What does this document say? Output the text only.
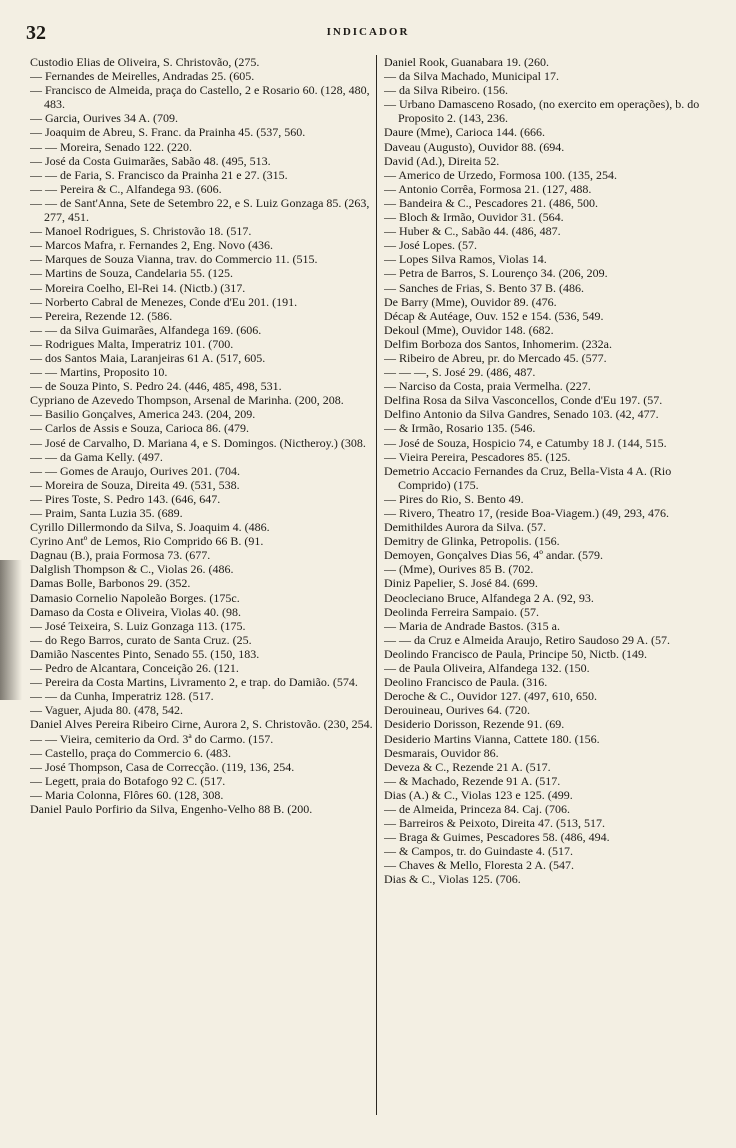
32	INDICADOR
Custodio Elias de Oliveira, S. Christovão, (275.
— Fernandes de Meirelles, Andradas 25. (605.
— Francisco de Almeida, praça do Castello, 2 e Rosario 60. (128, 480, 483.
— Garcia, Ourives 34 A. (709.
— Joaquim de Abreu, S. Franc. da Prainha 45. (537, 560.
— — Moreira, Senado 122. (220.
— José da Costa Guimarães, Sabão 48. (495, 513.
— — de Faria, S. Francisco da Prainha 21 e 27. (315.
— — Pereira & C., Alfandega 93. (606.
— — de Sant'Anna, Sete de Setembro 22, e S. Luiz Gonzaga 85. (263, 277, 451.
— Manoel Rodrigues, S. Christovão 18. (517.
— Marcos Mafra, r. Fernandes 2, Eng. Novo (436.
— Marques de Souza Vianna, trav. do Commercio 11. (515.
— Martins de Souza, Candelaria 55. (125.
— Moreira Coelho, El-Rei 14. (Nictb.) (317.
— Norberto Cabral de Menezes, Conde d'Eu 201. (191.
— Pereira, Rezende 12. (586.
— — da Silva Guimarães, Alfandega 169. (606.
— Rodrigues Malta, Imperatriz 101. (700.
— dos Santos Maia, Laranjeiras 61 A. (517, 605.
— — Martins, Proposito 10.
— de Souza Pinto, S. Pedro 24. (446, 485, 498, 531.
Cypriano de Azevedo Thompson, Arsenal de Marinha. (200, 208.
— Basilio Gonçalves, America 243. (204, 209.
— Carlos de Assis e Souza, Carioca 86. (479.
— José de Carvalho, D. Mariana 4, e S. Domingos. (Nictheroy.) (308.
— — da Gama Kelly. (497.
— — Gomes de Araujo, Ourives 201. (704.
— Moreira de Souza, Direita 49. (531, 538.
— Pires Toste, S. Pedro 143. (646, 647.
— Praim, Santa Luzia 35. (689.
Cyrillo Dillermondo da Silva, S. Joaquim 4. (486.
Cyrino Antº de Lemos, Rio Comprido 66 B. (91.
Dagnau (B.), praia Formosa 73. (677.
Dalglish Thompson & C., Violas 26. (486.
Damas Bolle, Barbonos 29. (352.
Damasio Cornelio Napoleão Borges. (175c.
Damaso da Costa e Oliveira, Violas 40. (98.
— José Teixeira, S. Luiz Gonzaga 113. (175.
— do Rego Barros, curato de Santa Cruz. (25.
Damião Nascentes Pinto, Senado 55. (150, 183.
— Pedro de Alcantara, Conceição 26. (121.
— Pereira da Costa Martins, Livramento 2, e trap. do Damião. (574.
— — da Cunha, Imperatriz 128. (517.
— Vaguer, Ajuda 80. (478, 542.
Daniel Alves Pereira Ribeiro Cirne, Aurora 2, S. Christovão. (230, 254.
— — Vieira, cemiterio da Ord. 3ª do Carmo. (157.
— Castello, praça do Commercio 6. (483.
— José Thompson, Casa de Correcção. (119, 136, 254.
— Legett, praia do Botafogo 92 C. (517.
— Maria Colonna, Flôres 60. (128, 308.
Daniel Paulo Porfirio da Silva, Engenho-Velho 88 B. (200.
Daniel Rook, Guanabara 19. (260.
— da Silva Machado, Municipal 17.
— da Silva Ribeiro. (156.
— Urbano Damasceno Rosado, (no exercito em operações), b. do Proposito 2. (143, 236.
Daure (Mme), Carioca 144. (666.
Daveau (Augusto), Ouvidor 88. (694.
David (Ad.), Direita 52.
— Americo de Urzedo, Formosa 100. (135, 254.
— Antonio Corrêa, Formosa 21. (127, 488.
— Bandeira & C., Pescadores 21. (486, 500.
— Bloch & Irmão, Ouvidor 31. (564.
— Huber & C., Sabão 44. (486, 487.
— José Lopes. (57.
— Lopes Silva Ramos, Violas 14.
— Petra de Barros, S. Lourenço 34. (206, 209.
— Sanches de Frias, S. Bento 37 B. (486.
De Barry (Mme), Ouvidor 89. (476.
Décap & Autéage, Ouv. 152 e 154. (536, 549.
Dekoul (Mme), Ouvidor 148. (682.
Delfim Borboza dos Santos, Inhomerim. (232a.
— Ribeiro de Abreu, pr. do Mercado 45. (577.
— — —, S. José 29. (486, 487.
— Narciso da Costa, praia Vermelha. (227.
Delfina Rosa da Silva Vasconcellos, Conde d'Eu 197. (57.
Delfino Antonio da Silva Gandres, Senado 103. (42, 477.
— & Irmão, Rosario 135. (546.
— José de Souza, Hospicio 74, e Catumby 18 J. (144, 515.
— Vieira Pereira, Pescadores 85. (125.
Demetrio Accacio Fernandes da Cruz, Bella-Vista 4 A. (Rio Comprido) (175.
— Pires do Rio, S. Bento 49.
— Rivero, Theatro 17, (reside Boa-Viagem.) (49, 293, 476.
Demithildes Aurora da Silva. (57.
Demitry de Glinka, Petropolis. (156.
Demoyen, Gonçalves Dias 56, 4º andar. (579.
— (Mme), Ourives 85 B. (702.
Diniz Papelier, S. José 84. (699.
Deocleciano Bruce, Alfandega 2 A. (92, 93.
Deolinda Ferreira Sampaio. (57.
— Maria de Andrade Bastos. (315 a.
— — da Cruz e Almeida Araujo, Retiro Saudoso 29 A. (57.
Deolindo Francisco de Paula, Principe 50, Nictb. (149.
— de Paula Oliveira, Alfandega 132. (150.
Deolino Francisco de Paula. (316.
Deroche & C., Ouvidor 127. (497, 610, 650.
Derouineau, Ourives 64. (720.
Desiderio Dorisson, Rezende 91. (69.
Desiderio Martins Vianna, Cattete 180. (156.
Desmarais, Ouvidor 86.
Deveza & C., Rezende 21 A. (517.
— & Machado, Rezende 91 A. (517.
Dias (A.) & C., Violas 123 e 125. (499.
— de Almeida, Princeza 84. Caj. (706.
— Barreiros & Peixoto, Direita 47. (513, 517.
— Braga & Guimes, Pescadores 58. (486, 494.
— & Campos, tr. do Guindaste 4. (517.
— Chaves & Mello, Floresta 2 A. (547.
Dias & C., Violas 125. (706.
